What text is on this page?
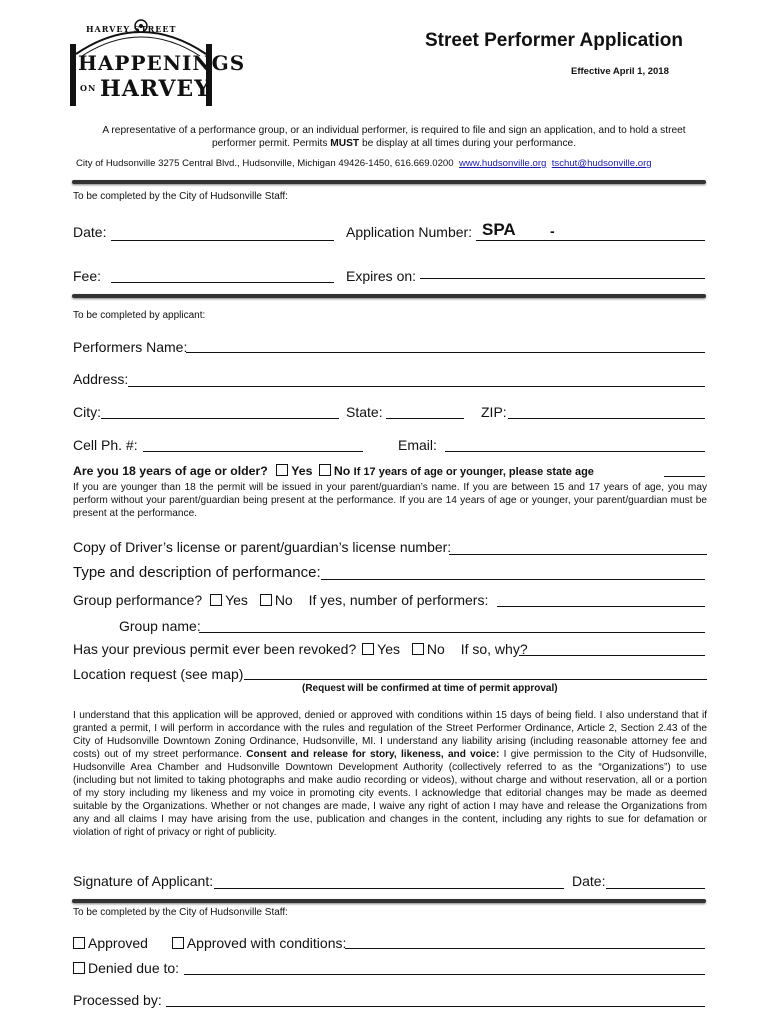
HARVEY STREET
HAPPENINGS
ON HARVEY
Street Performer Application
Effective April 1, 2018
A representative of a performance group, or an individual performer, is required to file and sign an application, and to hold a street performer permit. Permits MUST be display at all times during your performance.
City of Hudsonville 3275 Central Blvd., Hudsonville, Michigan 49426-1450, 616.669.0200 www.hudsonville.org tschut@hudsonville.org
To be completed by the City of Hudsonville Staff:
Date:	Application Number: SPA -
Fee:	Expires on:
To be completed by applicant:
Performers Name:
Address:
City:	State:	ZIP:
Cell Ph. #:	Email:
Are you 18 years of age or older? Yes No If 17 years of age or younger, please state age
If you are younger than 18 the permit will be issued in your parent/guardian’s name. If you are between 15 and 17 years of age, you may perform without your parent/guardian being present at the performance. If you are 14 years of age or younger, your parent/guardian must be present at the performance.
Copy of Driver’s license or parent/guardian’s license number:
Type and description of performance:
Group performance? Yes No If yes, number of performers:
Group name:
Has your previous permit ever been revoked? Yes No If so, why?
Location request (see map)
(Request will be confirmed at time of permit approval)
I understand that this application will be approved, denied or approved with conditions within 15 days of being field. I also understand that if granted a permit, I will perform in accordance with the rules and regulation of the Street Performer Ordinance, Article 2, Section 2.43 of the City of Hudsonville Downtown Zoning Ordinance, Hudsonville, MI. I understand any liability arising (including reasonable attorney fee and costs) out of my street performance. Consent and release for story, likeness, and voice: I give permission to the City of Hudsonville, Hudsonville Area Chamber and Hudsonville Downtown Development Authority (collectively referred to as the “Organizations”) to use (including but not limited to taking photographs and make audio recording or videos), without charge and without reservation, all or a portion of my story including my likeness and my voice in promoting city events. I acknowledge that editorial changes may be made as deemed suitable by the Organizations. Whether or not changes are made, I waive any right of action I may have and release the Organizations from any and all claims I may have arising from the use, publication and changes in the content, including any rights to sue for defamation or violation of right of privacy or right of publicity.
Signature of Applicant:	Date:
To be completed by the City of Hudsonville Staff:
Approved	Approved with conditions:
Denied due to:
Processed by:
